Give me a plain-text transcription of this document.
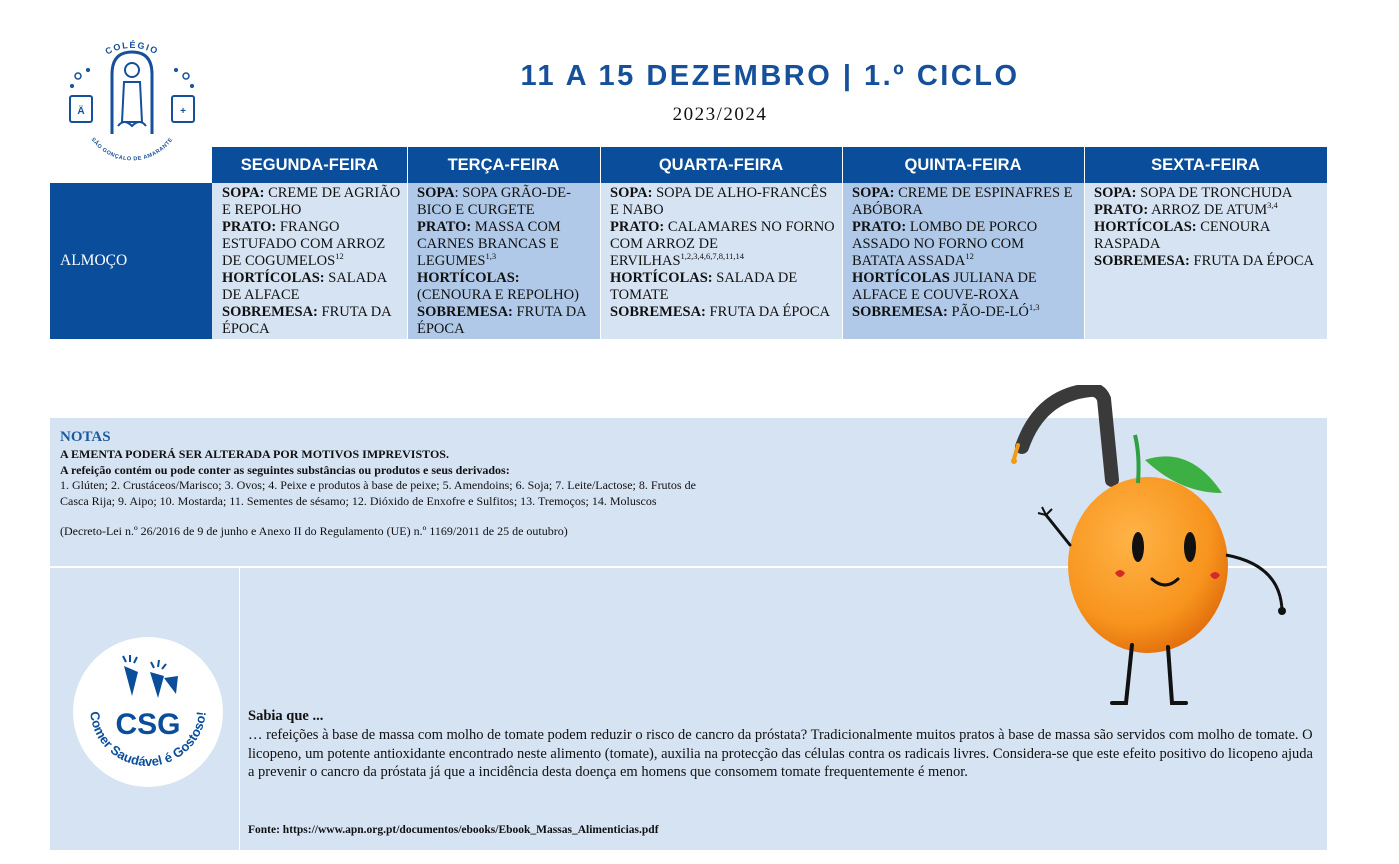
COLÉGIO
SÃO GONÇALO DE AMARANTE
Ä	+
11 A 15 DEZEMBRO | 1.º CICLO
2023/2024
SEGUNDA-FEIRA	TERÇA-FEIRA	QUARTA-FEIRA	QUINTA-FEIRA	SEXTA-FEIRA
ALMOÇO
SOPA: CREME DE AGRIÃO E REPOLHO
PRATO: FRANGO ESTUFADO COM ARROZ DE COGUMELOS$^{12}$
HORTÍCOLAS: SALADA DE ALFACE
SOBREMESA: FRUTA DA ÉPOCA
SOPA: SOPA GRÃO-DE-BICO E CURGETE
PRATO: MASSA COM CARNES BRANCAS E LEGUMES$^{1,3}$
HORTÍCOLAS: (CENOURA E REPOLHO)
SOBREMESA: FRUTA DA ÉPOCA
SOPA: SOPA DE ALHO-FRANCÊS E NABO
PRATO: CALAMARES NO FORNO COM ARROZ DE ERVILHAS$^{1,2,3,4,6,7,8,11,14}$
HORTÍCOLAS: SALADA DE TOMATE
SOBREMESA: FRUTA DA ÉPOCA
SOPA: CREME DE ESPINAFRES E ABÓBORA
PRATO: LOMBO DE PORCO ASSADO NO FORNO COM BATATA ASSADA$^{12}$
HORTÍCOLAS JULIANA DE ALFACE E COUVE-ROXA
SOBREMESA: PÃO-DE-LÓ$^{1,3}$
SOPA: SOPA DE TRONCHUDA
PRATO: ARROZ DE ATUM$^{3,4}$
HORTÍCOLAS: CENOURA RASPADA
SOBREMESA: FRUTA DA ÉPOCA
NOTAS
A EMENTA PODERÁ SER ALTERADA POR MOTIVOS IMPREVISTOS.
A refeição contém ou pode conter as seguintes substâncias ou produtos e seus derivados:
1. Glúten; 2. Crustáceos/Marisco; 3. Ovos; 4. Peixe e produtos à base de peixe; 5. Amendoins; 6. Soja; 7. Leite/Lactose; 8. Frutos de Casca Rija; 9. Aipo; 10. Mostarda; 11. Sementes de sésamo; 12. Dióxido de Enxofre e Sulfitos; 13. Tremoços; 14. Moluscos
(Decreto-Lei n.º 26/2016 de 9 de junho e Anexo II do Regulamento (UE) n.º 1169/2011 de 25 de outubro)
Sabia que ...
… refeições à base de massa com molho de tomate podem reduzir o risco de cancro da próstata? Tradicionalmente muitos pratos à base de massa são servidos com molho de tomate. O licopeno, um potente antioxidante encontrado neste alimento (tomate), auxilia na protecção das células contra os radicais livres. Considera-se que este efeito positivo do licopeno ajuda a prevenir o cancro da próstata já que a incidência desta doença em homens que consomem tomate frequentemente é menor.
Fonte: https://www.apn.org.pt/documentos/ebooks/Ebook_Massas_Alimenticias.pdf
CSG
Comer Saudável é Gostoso!
